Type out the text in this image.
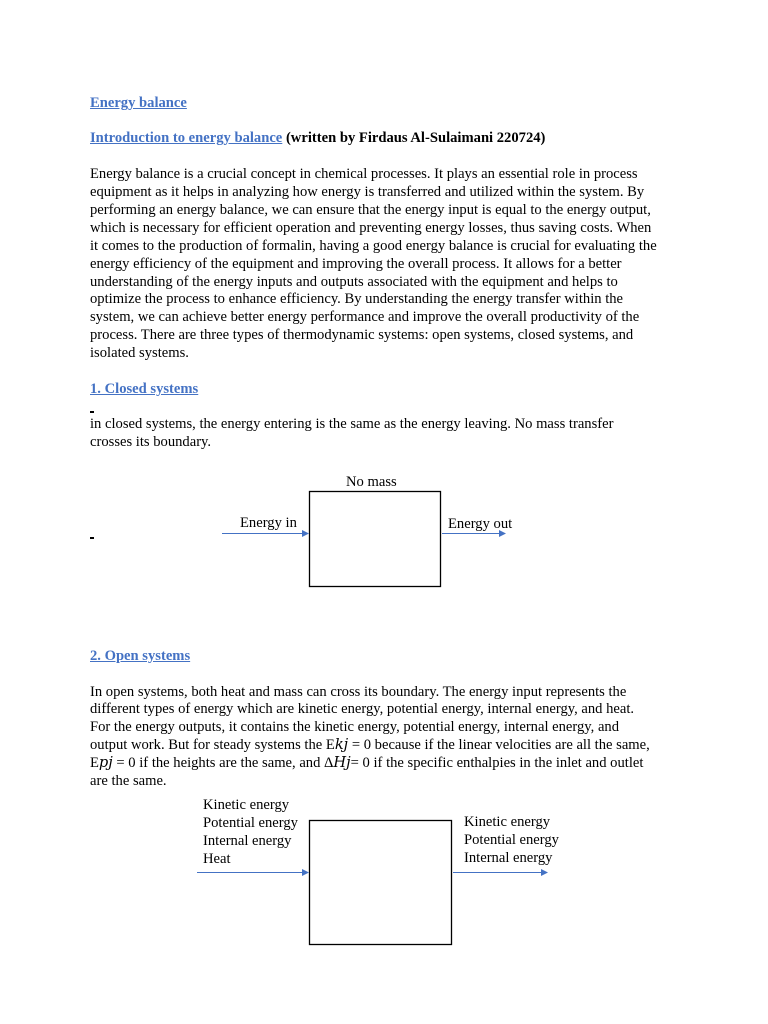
Energy balance
Introduction to energy balance (written by Firdaus Al-Sulaimani 220724)
Energy balance is a crucial concept in chemical processes. It plays an essential role in process
equipment as it helps in analyzing how energy is transferred and utilized within the system. By
performing an energy balance, we can ensure that the energy input is equal to the energy output,
which is necessary for efficient operation and preventing energy losses, thus saving costs. When
it comes to the production of formalin, having a good energy balance is crucial for evaluating the
energy efficiency of the equipment and improving the overall process. It allows for a better
understanding of the energy inputs and outputs associated with the equipment and helps to
optimize the process to enhance efficiency. By understanding the energy transfer within the
system, we can achieve better energy performance and improve the overall productivity of the
process. There are three types of thermodynamic systems: open systems, closed systems, and
isolated systems.
1. Closed systems
in closed systems, the energy entering is the same as the energy leaving. No mass transfer
crosses its boundary.
No mass
Energy in	Energy out
2. Open systems
In open systems, both heat and mass can cross its boundary. The energy input represents the
different types of energy which are kinetic energy, potential energy, internal energy, and heat.
For the energy outputs, it contains the kinetic energy, potential energy, internal energy, and
output work. But for steady systems the E𝑘𝑗 = 0 because if the linear velocities are all the same,
E𝑝𝑗 = 0 if the heights are the same, and Δ𝐻𝑗= 0 if the specific enthalpies in the inlet and outlet
are the same.
Kinetic energy
Potential energy
Internal energy
Heat
Kinetic energy
Potential energy
Internal energy
